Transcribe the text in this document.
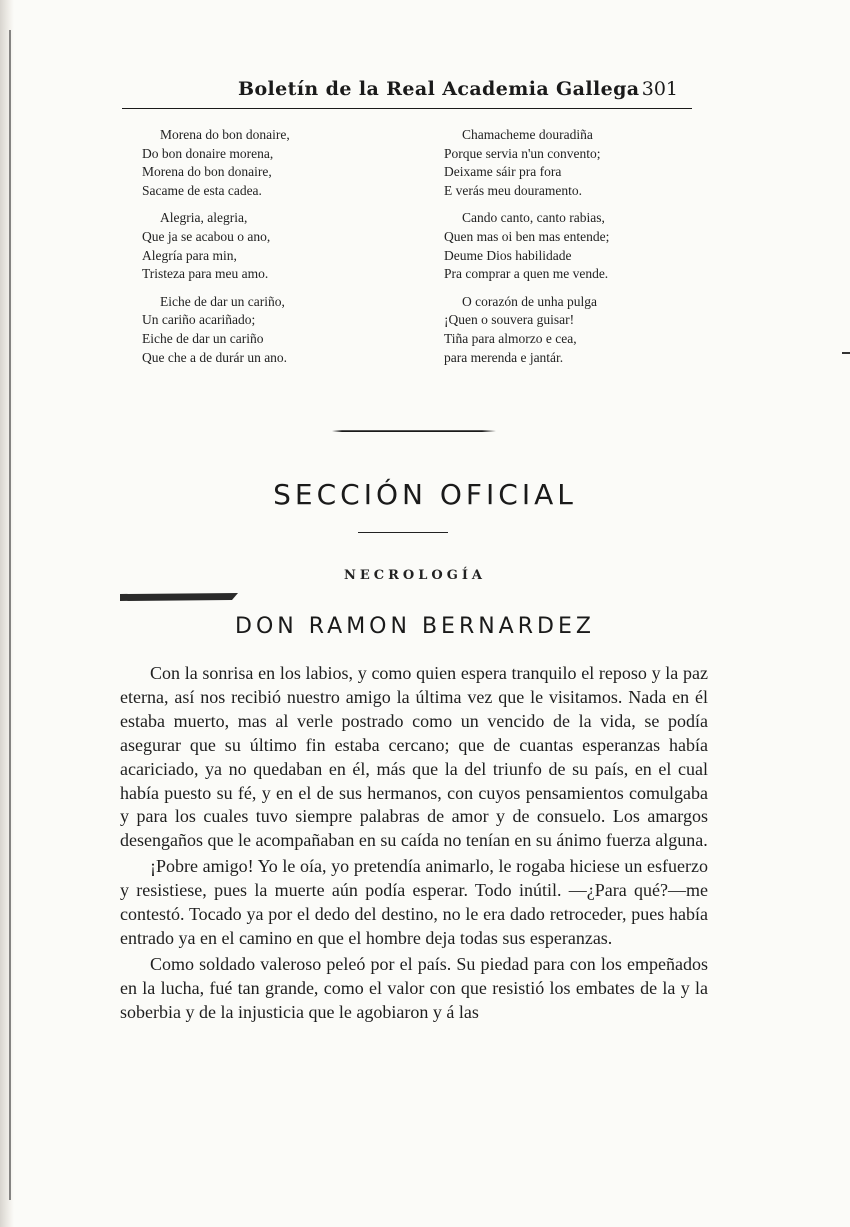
Boletín de la Real Academia Gallega 301
Morena do bon donaire,
Do bon donaire morena,
Morena do bon donaire,
Sacame de esta cadea.
Alegria, alegria,
Que ja se acabou o ano,
Alegría para min,
Tristeza para meu amo.
Eiche de dar un cariño,
Un cariño acariñado;
Eiche de dar un cariño
Que che a de durár un ano.
Chamacheme douradiña
Porque servia n'un convento;
Deixame sáir pra fora
E verás meu douramento.
Cando canto, canto rabias,
Quen mas oi ben mas entende;
Deume Dios habilidade
Pra comprar a quen me vende.
O corazón de unha pulga
¡Quen o souvera guisar!
Tiña para almorzo e cea,
para merenda e jantár.
SECCIÓN OFICIAL
NECROLOGÍA
DON RAMON BERNARDEZ

Con la sonrisa en los labios, y como quien espera tranquilo el reposo y la paz eterna, así nos recibió nuestro amigo la última vez que le visitamos. Nada en él estaba muerto, mas al verle postrado como un vencido de la vida, se podía asegurar que su último fin estaba cercano; que de cuantas esperanzas había acariciado, ya no quedaban en él, más que la del triunfo de su país, en el cual había puesto su fé, y en el de sus hermanos, con cuyos pensamientos comulgaba y para los cuales tuvo siempre palabras de amor y de consuelo. Los amargos desengaños que le acompañaban en su caída no tenían en su ánimo fuerza alguna.

¡Pobre amigo! Yo le oía, yo pretendía animarlo, le rogaba hiciese un esfuerzo y resistiese, pues la muerte aún podía esperar. Todo inútil. —¿Para qué?—me contestó. Tocado ya por el dedo del destino, no le era dado retroceder, pues había entrado ya en el camino en que el hombre deja todas sus esperanzas.

Como soldado valeroso peleó por el país. Su piedad para con los empeñados en la lucha, fué tan grande, como el valor con que resistió los embates de la y la soberbia y de la injusticia que le agobiaron y á las
